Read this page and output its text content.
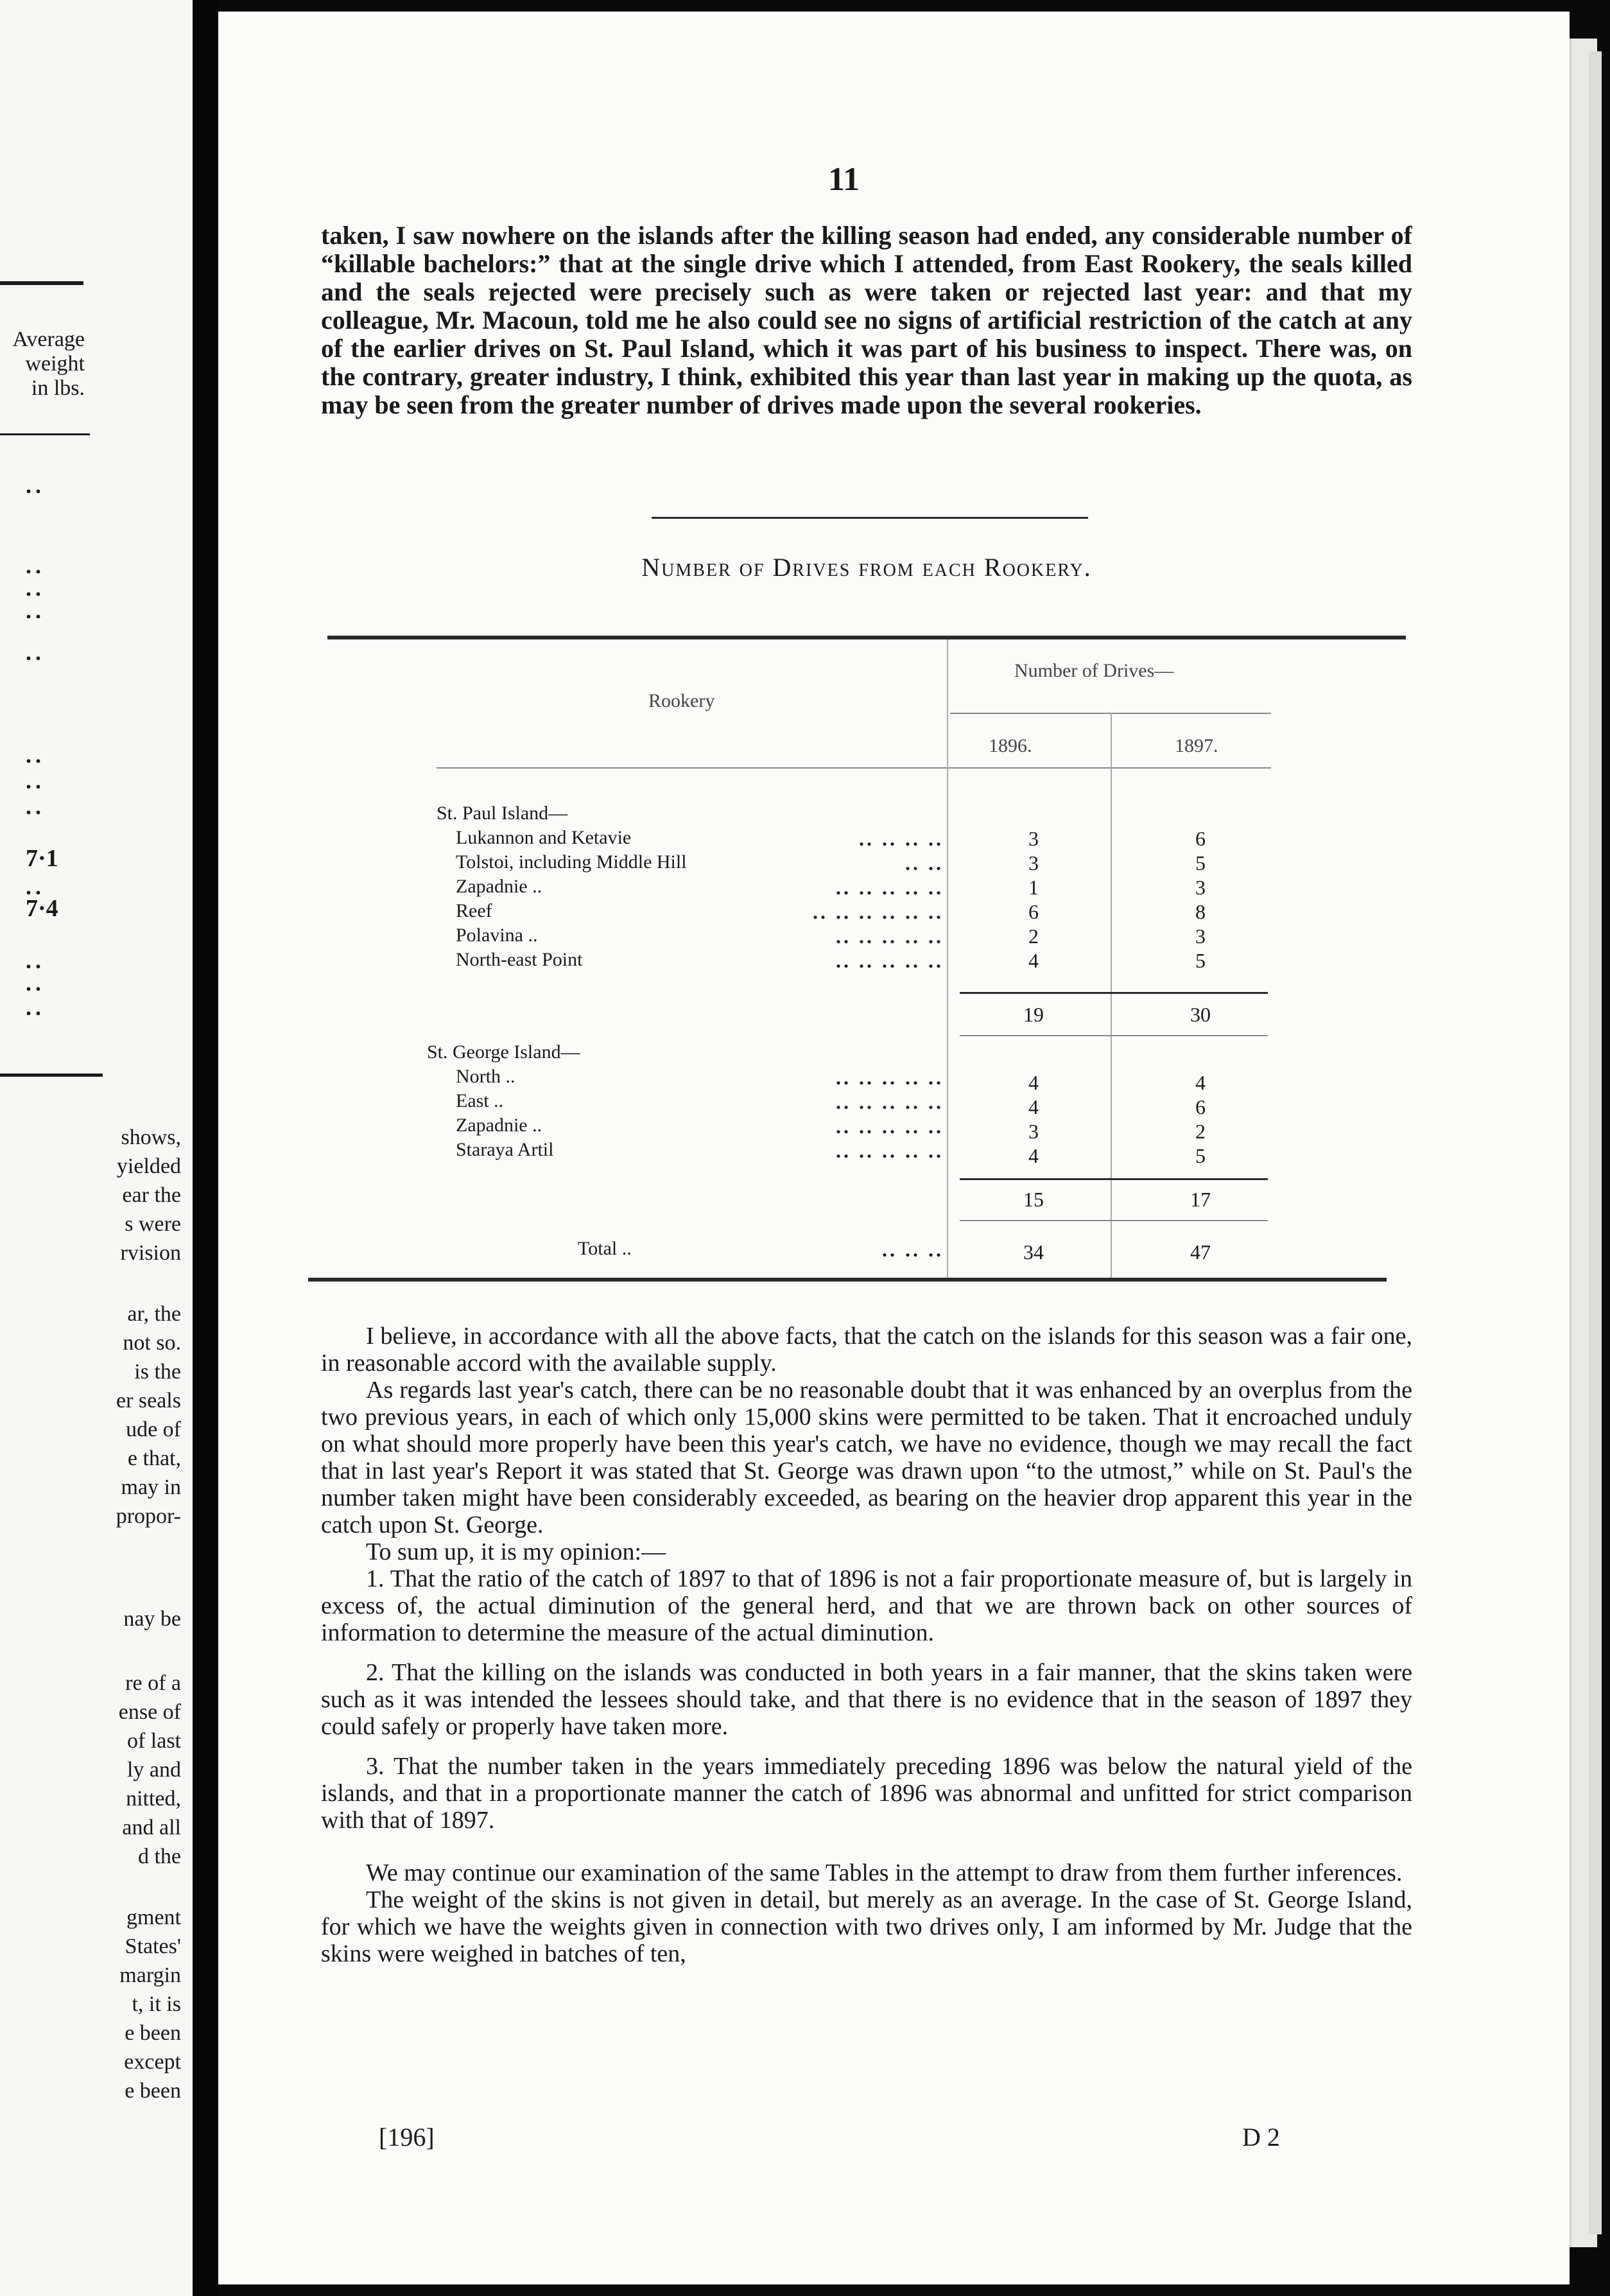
Average
weight
in lbs.
..
..
..
..
..
..
..
..
7·1
..
7·4
..
..
..
shows,
yielded
ear the
s were
rvision
ar, the
not so.
is the
er seals
ude of
e that,
may in
propor-
nay be
re of a
ense of
of last
ly and
nitted,
and all
d the
gment
States'
margin
t, it is
e been
except
e been
11

taken, I saw nowhere on the islands after the killing season had ended, any considerable number of “killable bachelors:” that at the single drive which I attended, from East Rookery, the seals killed and the seals rejected were precisely such as were taken or rejected last year: and that my colleague, Mr. Macoun, told me he also could see no signs of artificial restriction of the catch at any of the earlier drives on St. Paul Island, which it was part of his business to inspect. There was, on the contrary, greater industry, I think, exhibited this year than last year in making up the quota, as may be seen from the greater number of drives made upon the several rookeries.

Number of Drives from each Rookery.
Rookery
Number of Drives—
1896.	1897.
St. Paul Island—
Lukannon and Ketavie	.. .. .. ..	3	6
Tolstoi, including Middle Hill	.. ..	3	5
Zapadnie ..	.. .. .. .. ..	1	3
Reef	.. .. .. .. .. ..	6	8
Polavina ..	.. .. .. .. ..	2	3
North-east Point	.. .. .. .. ..	4	5
19	30
St. George Island—
North ..	.. .. .. .. ..	4	4
East ..	.. .. .. .. ..	4	6
Zapadnie ..	.. .. .. .. ..	3	2
Staraya Artil	.. .. .. .. ..	4	5
15	17
Total ..	.. .. ..	34	47

I believe, in accordance with all the above facts, that the catch on the islands for this season was a fair one, in reasonable accord with the available supply.

As regards last year's catch, there can be no reasonable doubt that it was enhanced by an overplus from the two previous years, in each of which only 15,000 skins were permitted to be taken. That it encroached unduly on what should more properly have been this year's catch, we have no evidence, though we may recall the fact that in last year's Report it was stated that St. George was drawn upon “to the utmost,” while on St. Paul's the number taken might have been considerably exceeded, as bearing on the heavier drop apparent this year in the catch upon St. George.

To sum up, it is my opinion:—

1. That the ratio of the catch of 1897 to that of 1896 is not a fair proportionate measure of, but is largely in excess of, the actual diminution of the general herd, and that we are thrown back on other sources of information to determine the measure of the actual diminution.

2. That the killing on the islands was conducted in both years in a fair manner, that the skins taken were such as it was intended the lessees should take, and that there is no evidence that in the season of 1897 they could safely or properly have taken more.

3. That the number taken in the years immediately preceding 1896 was below the natural yield of the islands, and that in a proportionate manner the catch of 1896 was abnormal and unfitted for strict comparison with that of 1897.

We may continue our examination of the same Tables in the attempt to draw from them further inferences.

The weight of the skins is not given in detail, but merely as an average. In the case of St. George Island, for which we have the weights given in connection with two drives only, I am informed by Mr. Judge that the skins were weighed in batches of ten,

[196]	D 2
